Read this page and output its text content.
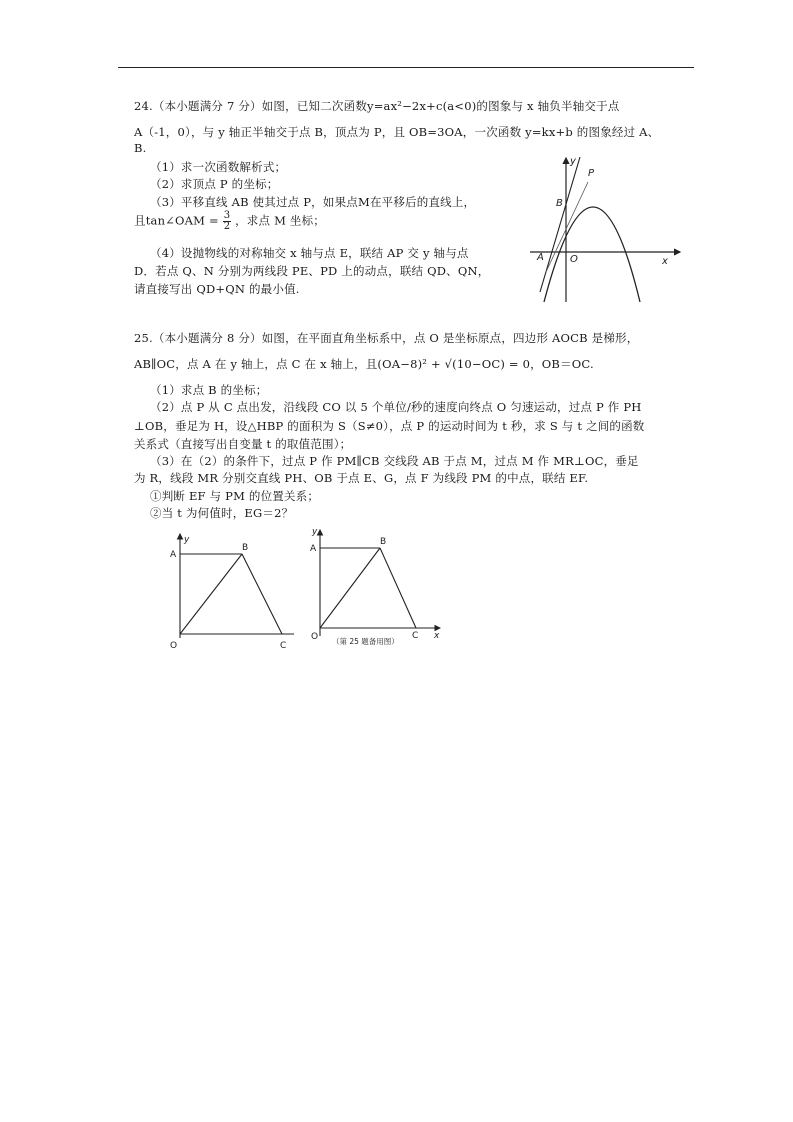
24.（本小题满分 7 分）如图，已知二次函数y=ax²−2x+c(a<0)的图象与 x 轴负半轴交于点
A（-1，0），与 y 轴正半轴交于点 B，顶点为 P，且 OB=3OA，一次函数 y=kx+b 的图象经过 A、
B.
（1）求一次函数解析式；
（2）求顶点 P 的坐标；
（3）平移直线 AB 使其过点 P，如果点M在平移后的直线上，
且tan∠OAM = $\frac{3}{2}$ ，求点 M 坐标；
（4）设抛物线的对称轴交 x 轴与点 E，联结 AP 交 y 轴与点
D．若点 Q、N 分别为两线段 PE、PD 上的动点，联结 QD、QN，
请直接写出 QD+QN 的最小值.
y
P
B
A	O	x
25.（本小题满分 8 分）如图，在平面直角坐标系中，点 O 是坐标原点，四边形 AOCB 是梯形，
AB∥OC，点 A 在 y 轴上，点 C 在 x 轴上，且(OA−8)² + √(10−OC) = 0，OB＝OC.
（1）求点 B 的坐标；
（2）点 P 从 C 点出发，沿线段 CO 以 5 个单位/秒的速度向终点 O 匀速运动，过点 P 作 PH
⊥OB，垂足为 H，设△HBP 的面积为 S（S≠0），点 P 的运动时间为 t 秒，求 S 与 t 之间的函数
关系式（直接写出自变量 t 的取值范围）；
（3）在（2）的条件下，过点 P 作 PM∥CB 交线段 AB 于点 M，过点 M 作 MR⊥OC，垂足
为 R，线段 MR 分别交直线 PH、OB 于点 E、G，点 F 为线段 PM 的中点，联结 EF.
①判断 EF 与 PM 的位置关系；
②当 t 为何值时，EG＝2？
y
A
B
O	C
y
A
B
O	C x
（第 25 题备用图）
